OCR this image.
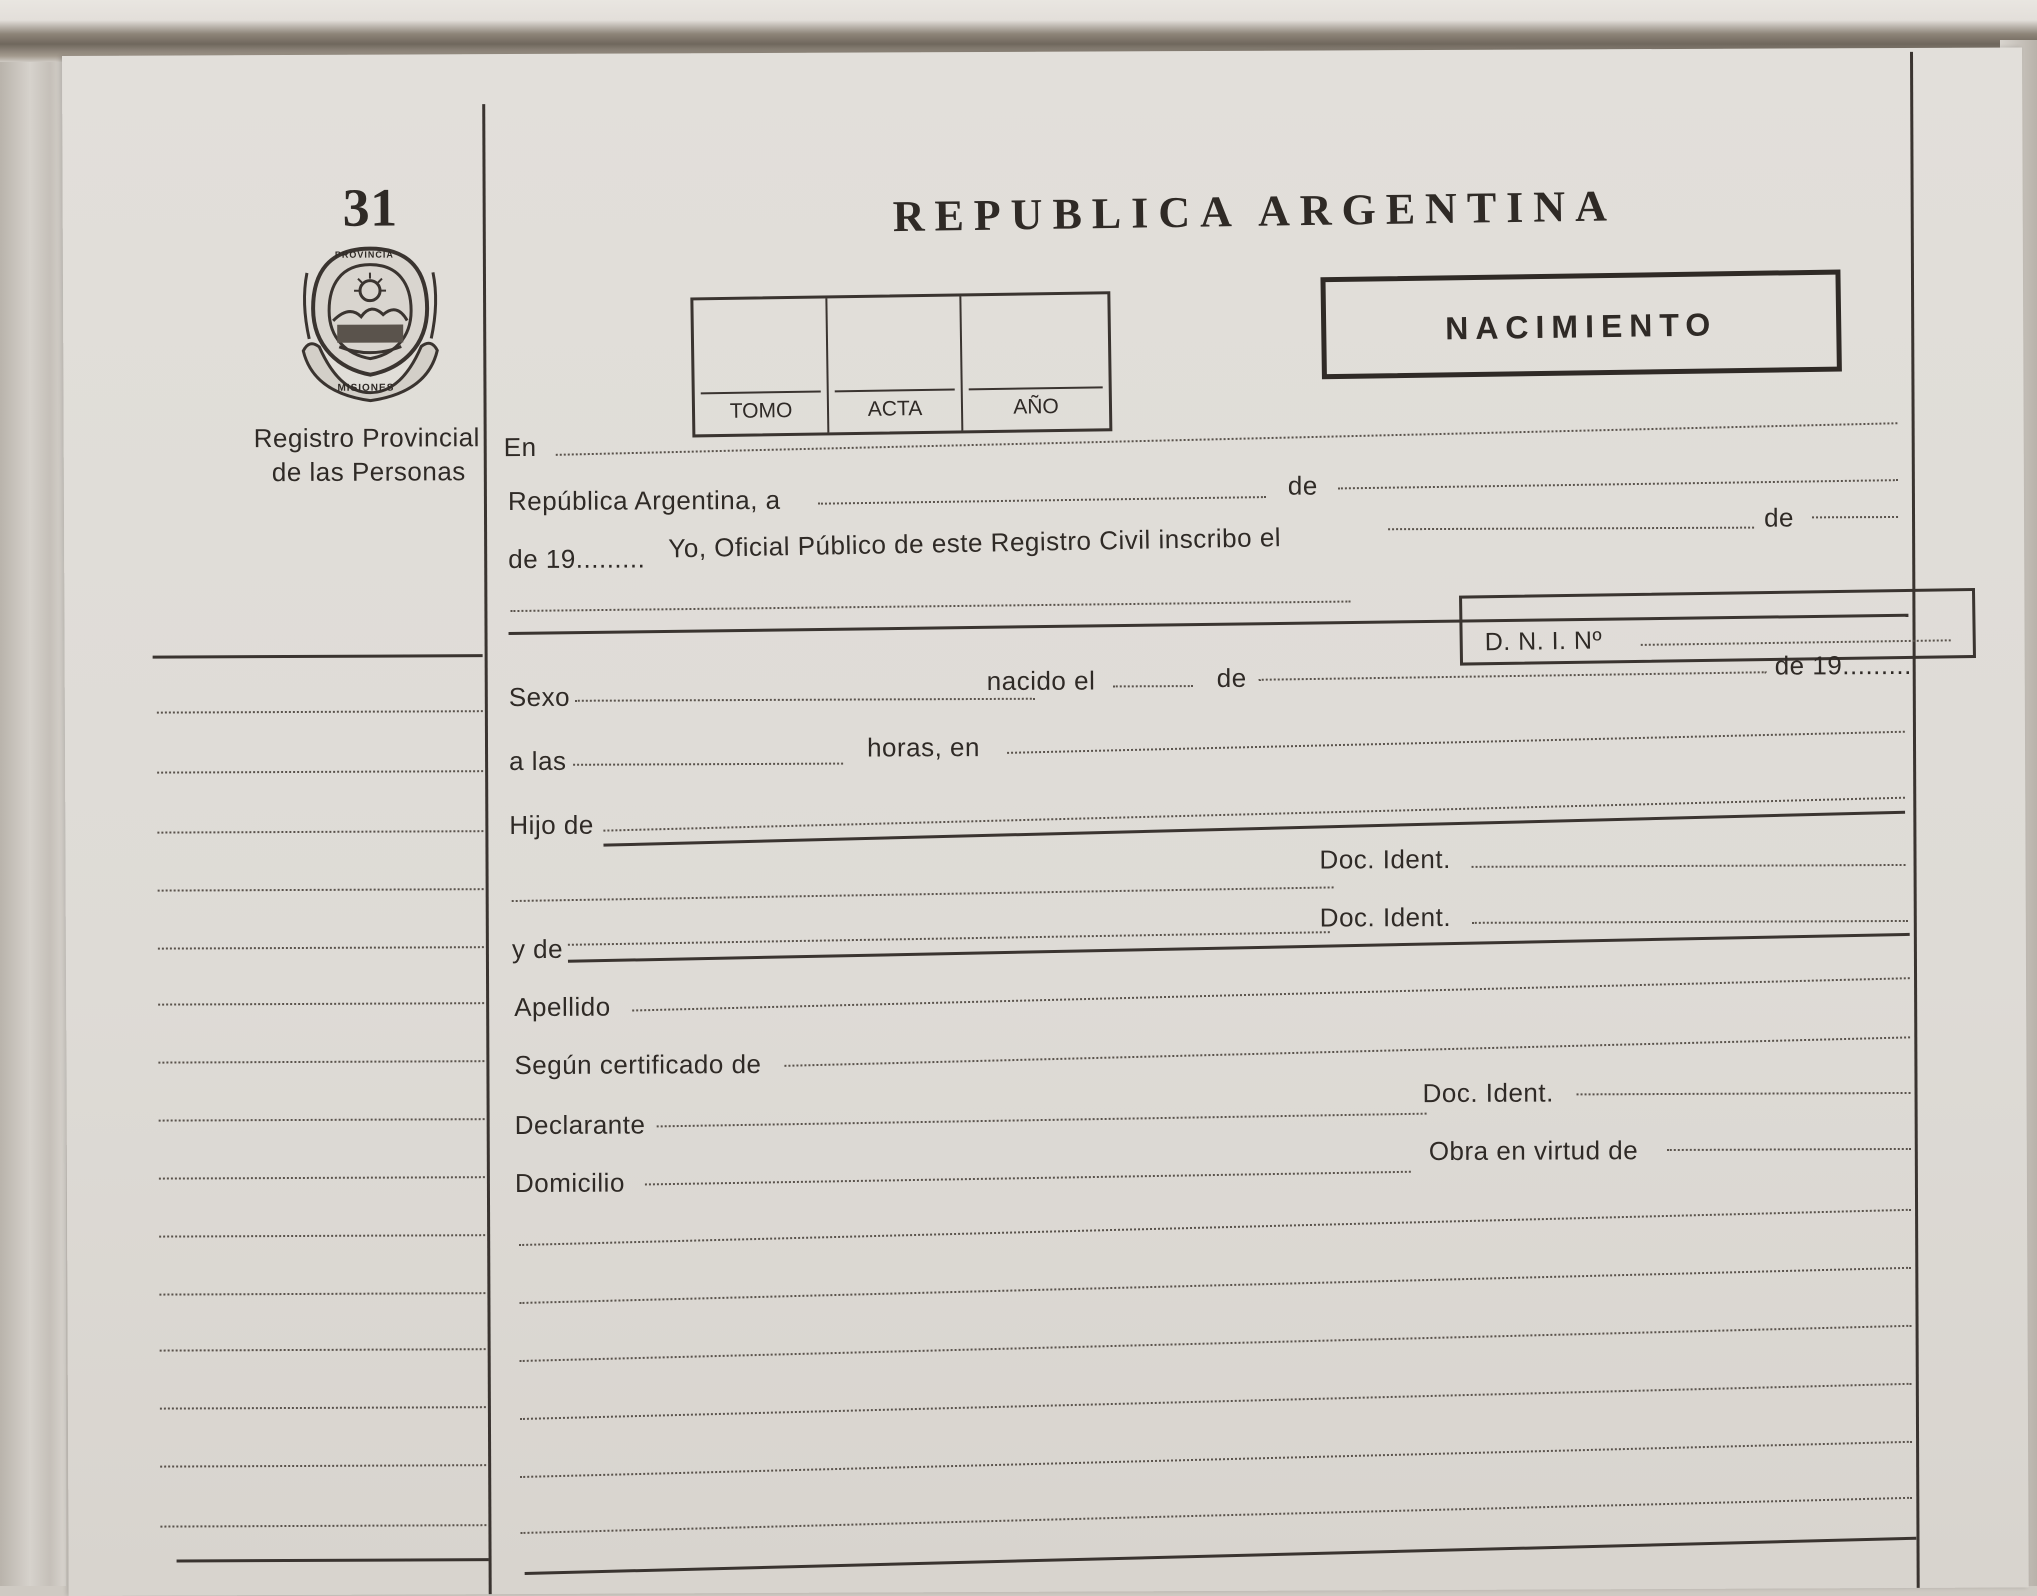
31
PROVINCIA
MISIONES
Registro Provincial
de las Personas
REPUBLICA ARGENTINA
TOMO	ACTA	AÑO
NACIMIENTO
En
República Argentina, a	de
de 19......... Yo, Oficial Público de este Registro Civil inscribo el
de
D. N. I. Nº
Sexo
nacido el	de	de 19.........
a las	horas, en
Hijo de
Doc. Ident.
y de
Doc. Ident.
Apellido
Según certificado de
Declarante
Doc. Ident.
Domicilio
Obra en virtud de
